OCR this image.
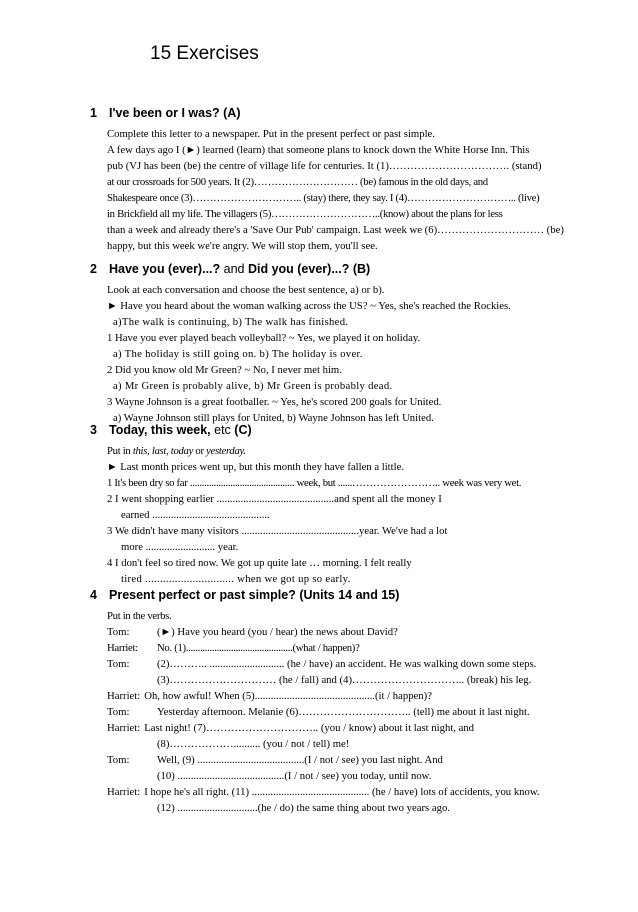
15 Exercises
1 I've been or I was? (A)
Complete this letter to a newspaper. Put in the present perfect or past simple.
A few days ago I (►) learned (learn) that someone plans to knock down the White Horse Inn. This
pub (VJ has been (be) the centre of village life for centuries. It (1)……………………………. (stand)
at our crossroads for 500 years. It (2)………………………… (be) famous in the old days, and
Shakespeare once (3)………………………….. (stay) there, they say. I (4)………………………….. (live)
in Brickfield all my life. The villagers (5)…………………………..(know) about the plans for less
than a week and already there's a 'Save Our Pub' campaign. Last week we (6)………………………… (be)
happy, but this week we're angry. We will stop them, you'll see.
2 Have you (ever)...? and Did you (ever)...? (B)
Look at each conversation and choose the best sentence, a) or b).
► Have you heard about the woman walking across the US? ~ Yes, she's reached the Rockies.
a)The walk is continuing, b) The walk has finished.
1 Have you ever played beach volleyball? ~ Yes, we played it on holiday.
a) The holiday is still going on. b) The holiday is over.
2 Did you know old Mr Green? ~ No, I never met him.
a) Mr Green is probably alive, b) Mr Green is probably dead.
3 Wayne Johnson is a great footballer. ~ Yes, he's scored 200 goals for United.
a) Wayne Johnson still plays for United, b) Wayne Johnson has left United.
3 Today, this week, etc (C)
Put in this, last, today or yesterday.
► Last month prices went up, but this month they have fallen a little.
1 It's been dry so far ............................................ week, but ......…………………….. week was very wet.
2 I went shopping earlier ............................................and spent all the money I
earned ............................................
3 We didn't have many visitors ............................................year. We've had a lot
more .......................... year.
4 I don't feel so tired now. We got up quite late … morning. I felt really
tired .............................. when we got up so early.
4 Present perfect or past simple? (Units 14 and 15)
Put in the verbs.
Tom:	(►) Have you heard (you / hear) the news about David?
Harriet: No. (1).............................................(what / happen)?
Tom:	(2)……….. ............................ (he / have) an accident. He was walking down some steps.
(3)………………………… (he / fall) and (4)………………………….. (break) his leg.
Harriet: Oh, how awful! When (5).............................................(it / happen)?
Tom:	Yesterday afternoon. Melanie (6)………………………….. (tell) me about it last night.
Harriet: Last night! (7)………………………….. (you / know) about it last night, and
(8)……………….......... (you / not / tell) me!
Tom:	Well, (9) ........................................(I / not / see) you last night. And
(10) ........................................(I / not / see) you today, until now.
Harriet: I hope he's all right. (11) ............................................ (he / have) lots of accidents, you know.
(12) ..............................(he / do) the same thing about two years ago.
